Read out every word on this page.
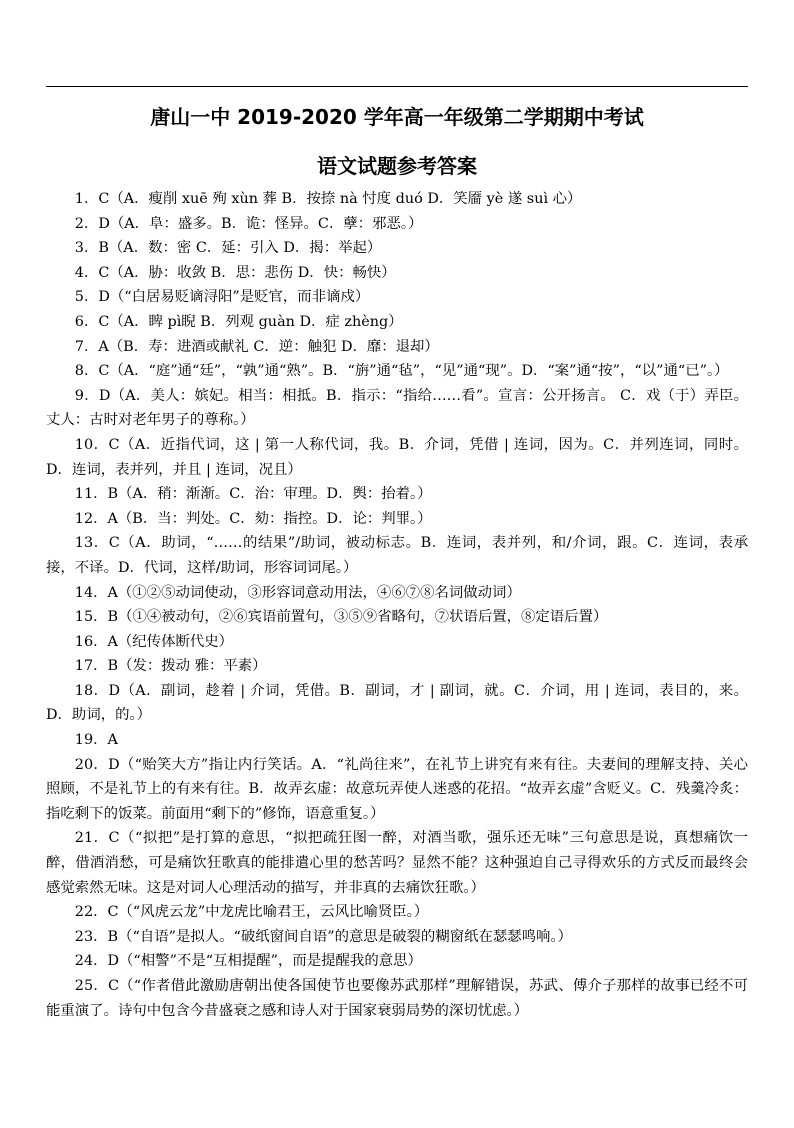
唐山一中 2019-2020 学年高一年级第二学期期中考试
语文试题参考答案

1．C（A．瘦削 xuē 殉 xùn 葬 B．按捺 nà 忖度 duó D．笑靥 yè 遂 suì 心）

2．D（A．阜：盛多。B．诡：怪异。C．孽：邪恶。）

3．B（A．数：密 C．延：引入 D．揭：举起）

4．C（A．胁：收敛 B．思：悲伤 D．快：畅快）

5．D（“白居易贬谪浔阳”是贬官，而非谪戍）

6．C（A．睥 pì睨 B．列观 guàn D．症 zhèng）

7．A（B．寿：进酒或献礼 C．逆：触犯 D．靡：退却）

8．C（A．“庭”通“廷”，“孰”通“熟”。B．“旃”通“毡”，“见”通“现”。D．“案”通“按”，“以”通“已”。）

9．D（A．美人：嫔妃。相当：相抵。B．指示：“指给……看”。宣言：公开扬言。 C．戏（于）弄臣。丈人：古时对老年男子的尊称。）

10．C（A．近指代词，这 | 第一人称代词，我。B．介词，凭借 | 连词，因为。C．并列连词，同时。D．连词，表并列，并且 | 连词，况且）

11．B（A．稍：渐渐。C．治：审理。D．舆：抬着。）

12．A（B．当：判处。C．劾：指控。D．论：判罪。）

13．C（A．助词，“……的结果”/助词，被动标志。B．连词，表并列，和/介词，跟。C．连词，表承接，不译。D．代词，这样/助词，形容词词尾。）

14．A（①②⑤动词使动，③形容词意动用法，④⑥⑦⑧名词做动词）

15．B（①④被动句，②⑥宾语前置句，③⑤⑨省略句，⑦状语后置，⑧定语后置）

16．A（纪传体断代史）

17．B（发：拨动 雅：平素）

18．D（A．副词，趁着 | 介词，凭借。B．副词，才 | 副词，就。C．介词，用 | 连词，表目的，来。D．助词，的。）

19．A

20．D（“贻笑大方”指让内行笑话。A．“礼尚往来”，在礼节上讲究有来有往。夫妻间的理解支持、关心照顾，不是礼节上的有来有往。B．故弄玄虚：故意玩弄使人迷惑的花招。“故弄玄虚”含贬义。C．残羹冷炙：指吃剩下的饭菜。前面用“剩下的”修饰，语意重复。）

21．C（“拟把”是打算的意思，“拟把疏狂图一醉，对酒当歌，强乐还无味”三句意思是说，真想痛饮一醉，借酒消愁，可是痛饮狂歌真的能排遣心里的愁苦吗？显然不能？这种强迫自己寻得欢乐的方式反而最终会感觉索然无味。这是对词人心理活动的描写，并非真的去痛饮狂歌。）

22．C（“风虎云龙”中龙虎比喻君王，云风比喻贤臣。）

23．B（“自语”是拟人。“破纸窗间自语”的意思是破裂的糊窗纸在瑟瑟鸣响。）

24．D（“相警”不是“互相提醒”，而是提醒我的意思）

25．C（“作者借此激励唐朝出使各国使节也要像苏武那样”理解错误，苏武、傅介子那样的故事已经不可能重演了。诗句中包含今昔盛衰之感和诗人对于国家衰弱局势的深切忧虑。）
